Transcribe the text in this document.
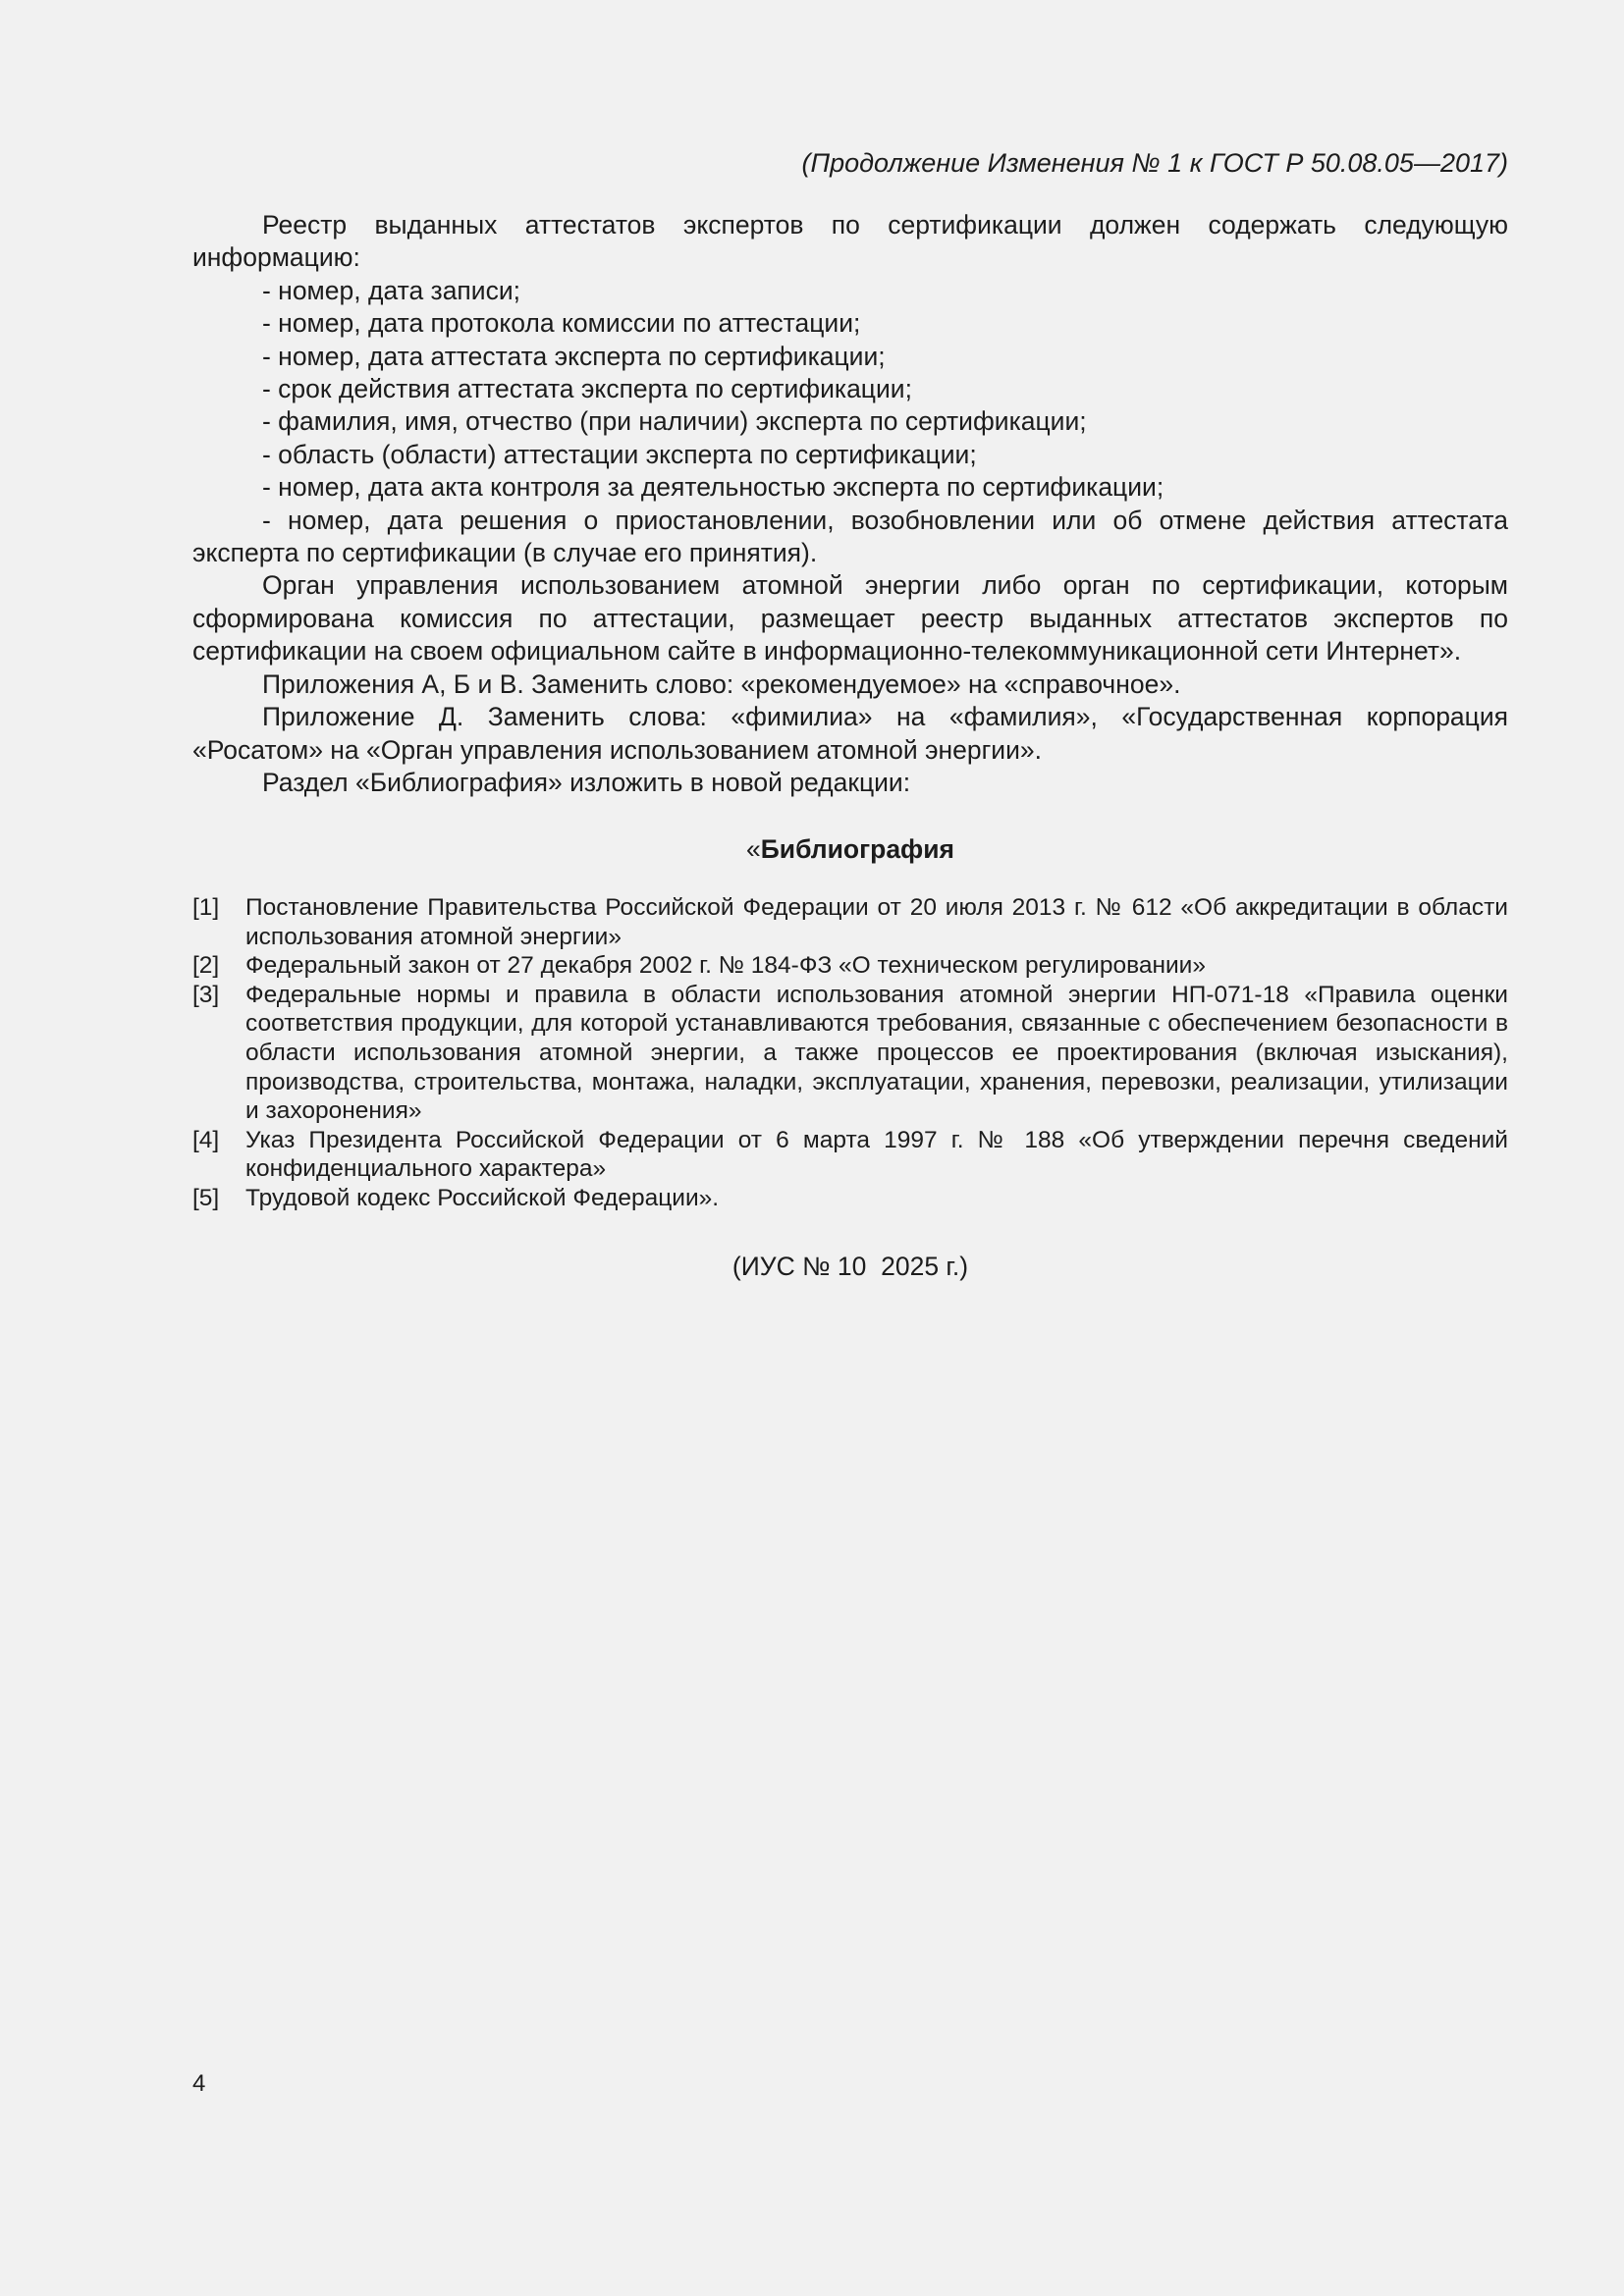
(Продолжение Изменения № 1 к ГОСТ Р 50.08.05—2017)

Реестр выданных аттестатов экспертов по сертификации должен содержать следующую информацию:

- номер, дата записи;

- номер, дата протокола комиссии по аттестации;

- номер, дата аттестата эксперта по сертификации;

- срок действия аттестата эксперта по сертификации;

- фамилия, имя, отчество (при наличии) эксперта по сертификации;

- область (области) аттестации эксперта по сертификации;

- номер, дата акта контроля за деятельностью эксперта по сертификации;

- номер, дата решения о приостановлении, возобновлении или об отмене действия аттестата эксперта по сертификации (в случае его принятия).

Орган управления использованием атомной энергии либо орган по сертификации, которым сформирована комиссия по аттестации, размещает реестр выданных аттестатов экспертов по сертификации на своем официальном сайте в информационно-телекоммуникационной сети Интернет».

Приложения А, Б и В. Заменить слово: «рекомендуемое» на «справочное».

Приложение Д. Заменить слова: «фимилиа» на «фамилия», «Государственная корпорация «Росатом» на «Орган управления использованием атомной энергии».

Раздел «Библиография» изложить в новой редакции:

«Библиография

[1] Постановление Правительства Российской Федерации от 20 июля 2013 г. № 612 «Об аккредитации в области использования атомной энергии»

[2] Федеральный закон от 27 декабря 2002 г. № 184-ФЗ «О техническом регулировании»

[3] Федеральные нормы и правила в области использования атомной энергии НП-071-18 «Правила оценки соответствия продукции, для которой устанавливаются требования, связанные с обеспечением безопасности в области использования атомной энергии, а также процессов ее проектирования (включая изыскания), производства, строительства, монтажа, наладки, эксплуатации, хранения, перевозки, реализации, утилизации и захоронения»

[4] Указ Президента Российской Федерации от 6 марта 1997 г. № 188 «Об утверждении перечня сведений конфиденциального характера»

[5] Трудовой кодекс Российской Федерации».

(ИУС № 10  2025 г.)
4
